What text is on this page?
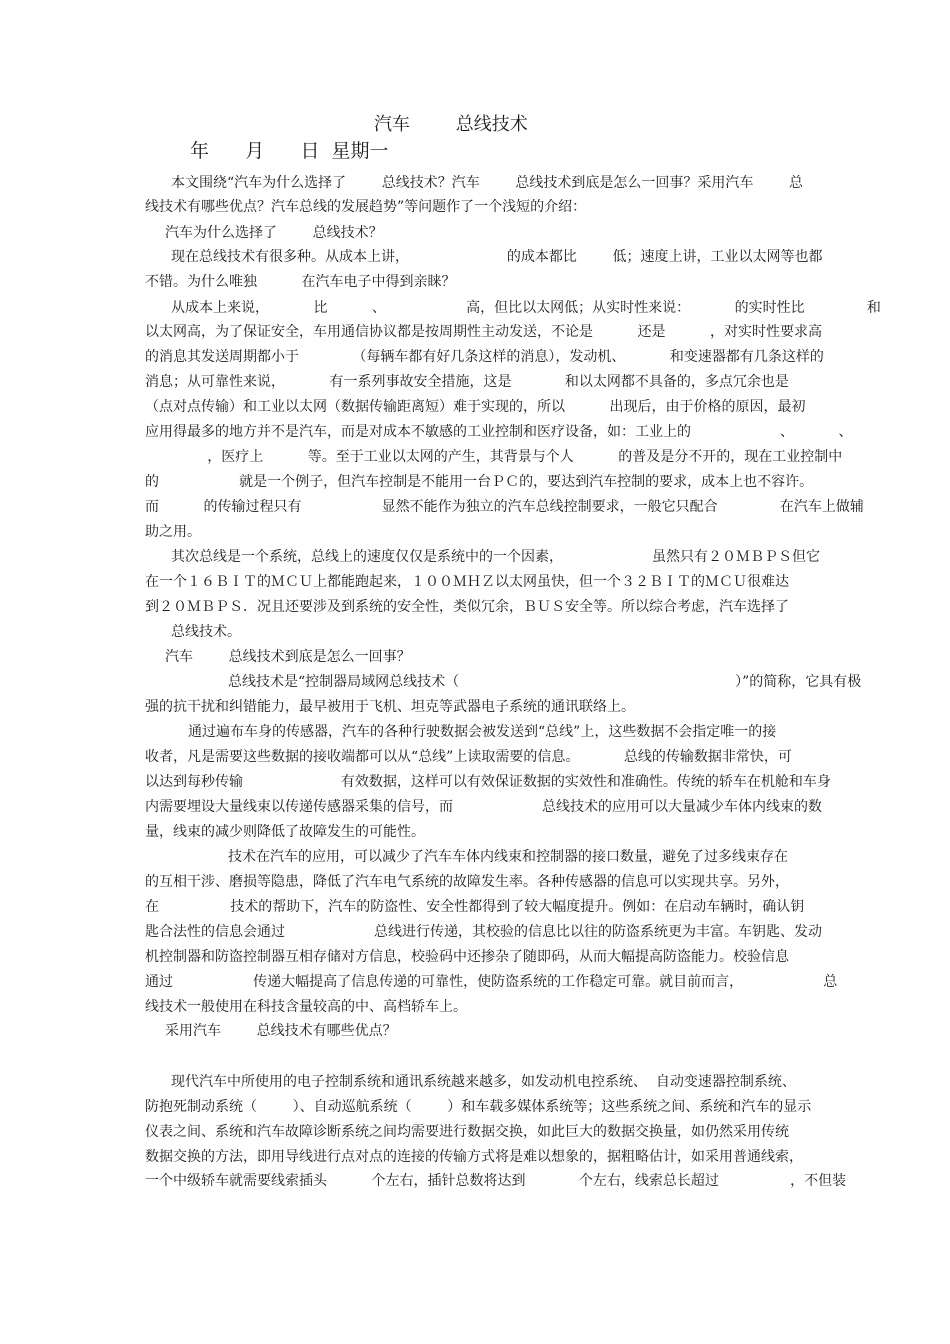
汽车        总线技术
年      月      日  星期一
本文围绕“汽车为什么选择了        总线技术？汽车        总线技术到底是怎么一回事？采用汽车        总
线技术有哪些优点？汽车总线的发展趋势”等问题作了一个浅短的介绍：
汽车为什么选择了        总线技术？
现在总线技术有很多种。从成本上讲，                      的成本都比        低；速度上讲，工业以太网等也都
不错。为什么唯独          在汽车电子中得到亲睐？
从成本上来说，          比          、                  高，但比以太网低；从实时性来说：          的实时性比              和
以太网高，为了保证安全，车用通信协议都是按周期性主动发送，不论是          还是          ，对实时性要求高
的消息其发送周期都小于            （每辆车都有好几条这样的消息），发动机、          和变速器都有几条这样的
消息；从可靠性来说，          有一系列事故安全措施，这是            和以太网都不具备的，多点冗余也是
（点对点传输）和工业以太网（数据传输距离短）难于实现的，所以          出现后，由于价格的原因，最初
应用得最多的地方并不是汽车，而是对成本不敏感的工业控制和医疗设备，如：工业上的                    、          、
，医疗上          等。至于工业以太网的产生，其背景与个人          的普及是分不开的，现在工业控制中
的                  就是一个例子，但汽车控制是不能用一台ＰＣ的，要达到汽车控制的要求，成本上也不容许。
而          的传输过程只有                  显然不能作为独立的汽车总线控制要求，一般它只配合              在汽车上做辅
助之用。
其次总线是一个系统，总线上的速度仅仅是系统中的一个因素，                    虽然只有２０ＭＢＰＳ但它
在一个１６ＢＩＴ的ＭＣＵ上都能跑起来，１００ＭＨＺ以太网虽快，但一个３２ＢＩＴ的ＭＣＵ很难达
到２０ＭＢＰＳ．况且还要涉及到系统的安全性，类似冗余，ＢＵＳ安全等。所以综合考虑，汽车选择了
总线技术。
汽车        总线技术到底是怎么一回事？
总线技术是“控制器局域网总线技术（                                                              ）”的简称，它具有极
强的抗干扰和纠错能力，最早被用于飞机、坦克等武器电子系统的通讯联络上。
通过遍布车身的传感器，汽车的各种行驶数据会被发送到“总线”上，这些数据不会指定唯一的接
收者，凡是需要这些数据的接收端都可以从“总线”上读取需要的信息。          总线的传输数据非常快，可
以达到每秒传输                      有效数据，这样可以有效保证数据的实效性和准确性。传统的轿车在机舱和车身
内需要埋设大量线束以传递传感器采集的信号，而                    总线技术的应用可以大量减少车体内线束的数
量，线束的减少则降低了故障发生的可能性。
技术在汽车的应用，可以减少了汽车车体内线束和控制器的接口数量，避免了过多线束存在
的互相干涉、磨损等隐患，降低了汽车电气系统的故障发生率。各种传感器的信息可以实现共享。另外，
在                技术的帮助下，汽车的防盗性、安全性都得到了较大幅度提升。例如：在启动车辆时，确认钥
匙合法性的信息会通过                    总线进行传递，其校验的信息比以往的防盗系统更为丰富。车钥匙、发动
机控制器和防盗控制器互相存储对方信息，校验码中还掺杂了随即码，从而大幅提高防盗能力。校验信息
通过                  传递大幅提高了信息传递的可靠性，使防盗系统的工作稳定可靠。就目前而言，                  总
线技术一般使用在科技含量较高的中、高档轿车上。
采用汽车        总线技术有哪些优点？
现代汽车中所使用的电子控制系统和通讯系统越来越多，如发动机电控系统、  自动变速器控制系统、
防抱死制动系统（        ）、自动巡航系统（        ）和车载多媒体系统等；这些系统之间、系统和汽车的显示
仪表之间、系统和汽车故障诊断系统之间均需要进行数据交换，如此巨大的数据交换量，如仍然采用传统
数据交换的方法，即用导线进行点对点的连接的传输方式将是难以想象的，据粗略估计，如采用普通线索，
一个中级轿车就需要线索插头          个左右，插针总数将达到            个左右，线索总长超过                ，不但装
